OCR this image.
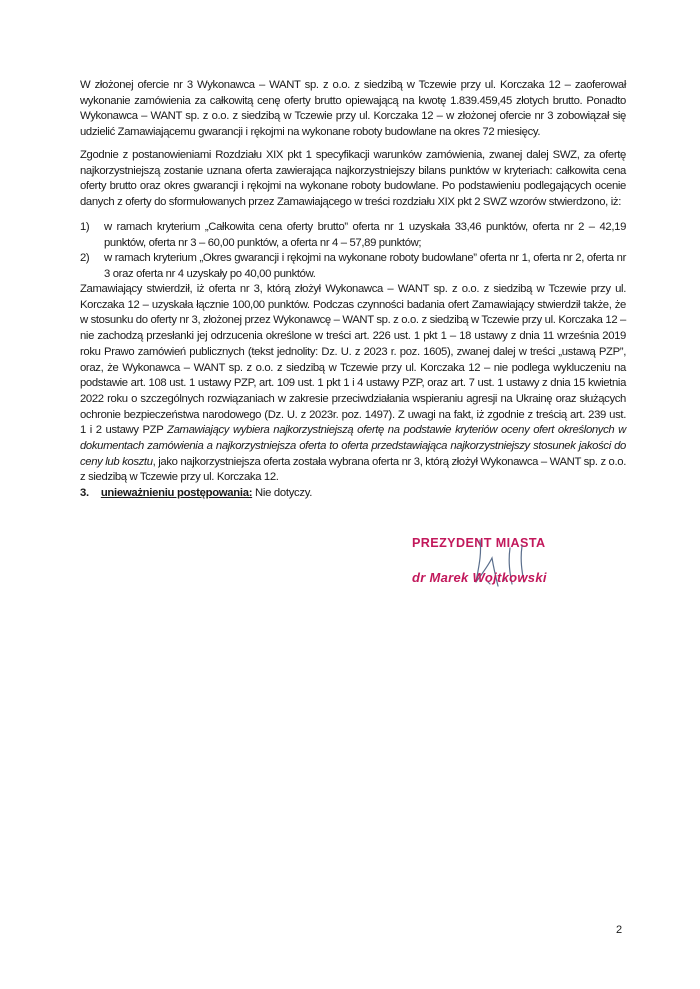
W złożonej ofercie nr 3 Wykonawca – WANT sp. z o.o. z siedzibą w Tczewie przy ul. Korczaka 12 – zaoferował wykonanie zamówienia za całkowitą cenę oferty brutto opiewającą na kwotę 1.839.459,45 złotych brutto. Ponadto Wykonawca – WANT sp. z o.o. z siedzibą w Tczewie przy ul. Korczaka 12 – w złożonej ofercie nr 3 zobowiązał się udzielić Zamawiającemu gwarancji i rękojmi na wykonane roboty budowlane na okres 72 miesięcy.
Zgodnie z postanowieniami Rozdziału XIX pkt 1 specyfikacji warunków zamówienia, zwanej dalej SWZ, za ofertę najkorzystniejszą zostanie uznana oferta zawierająca najkorzystniejszy bilans punktów w kryteriach: całkowita cena oferty brutto oraz okres gwarancji i rękojmi na wykonane roboty budowlane. Po podstawieniu podlegających ocenie danych z oferty do sformułowanych przez Zamawiającego w treści rozdziału XIX pkt 2 SWZ wzorów stwierdzono, iż:
1)	w ramach kryterium „Całkowita cena oferty brutto” oferta nr 1 uzyskała 33,46 punktów, oferta nr 2 – 42,19 punktów, oferta nr 3 – 60,00 punktów, a oferta nr 4 – 57,89 punktów;
2)	w ramach kryterium „Okres gwarancji i rękojmi na wykonane roboty budowlane” oferta nr 1, oferta nr 2, oferta nr 3 oraz oferta nr 4 uzyskały po 40,00 punktów.
Zamawiający stwierdził, iż oferta nr 3, którą złożył Wykonawca – WANT sp. z o.o. z siedzibą w Tczewie przy ul. Korczaka 12 – uzyskała łącznie 100,00 punktów. Podczas czynności badania ofert Zamawiający stwierdził także, że w stosunku do oferty nr 3, złożonej przez Wykonawcę – WANT sp. z o.o. z siedzibą w Tczewie przy ul. Korczaka 12 – nie zachodzą przesłanki jej odrzucenia określone w treści art. 226 ust. 1 pkt 1 – 18 ustawy z dnia 11 września 2019 roku Prawo zamówień publicznych (tekst jednolity: Dz. U. z 2023 r. poz. 1605), zwanej dalej w treści „ustawą PZP”, oraz, że Wykonawca – WANT sp. z o.o. z siedzibą w Tczewie przy ul. Korczaka 12 – nie podlega wykluczeniu na podstawie art. 108 ust. 1 ustawy PZP, art. 109 ust. 1 pkt 1 i 4 ustawy PZP, oraz art. 7 ust. 1 ustawy z dnia 15 kwietnia 2022 roku o szczególnych rozwiązaniach w zakresie przeciwdziałania wspieraniu agresji na Ukrainę oraz służących ochronie bezpieczeństwa narodowego (Dz. U. z 2023r. poz. 1497). Z uwagi na fakt, iż zgodnie z treścią art. 239 ust. 1 i 2 ustawy PZP Zamawiający wybiera najkorzystniejszą ofertę na podstawie kryteriów oceny ofert określonych w dokumentach zamówienia a najkorzystniejsza oferta to oferta przedstawiająca najkorzystniejszy stosunek jakości do ceny lub kosztu, jako najkorzystniejsza oferta została wybrana oferta nr 3, którą złożył Wykonawca – WANT sp. z o.o. z siedzibą w Tczewie przy ul. Korczaka 12.
3. unieważnieniu postępowania: Nie dotyczy.
PREZYDENT MIASTA
dr Marek Wojtkowski
2
